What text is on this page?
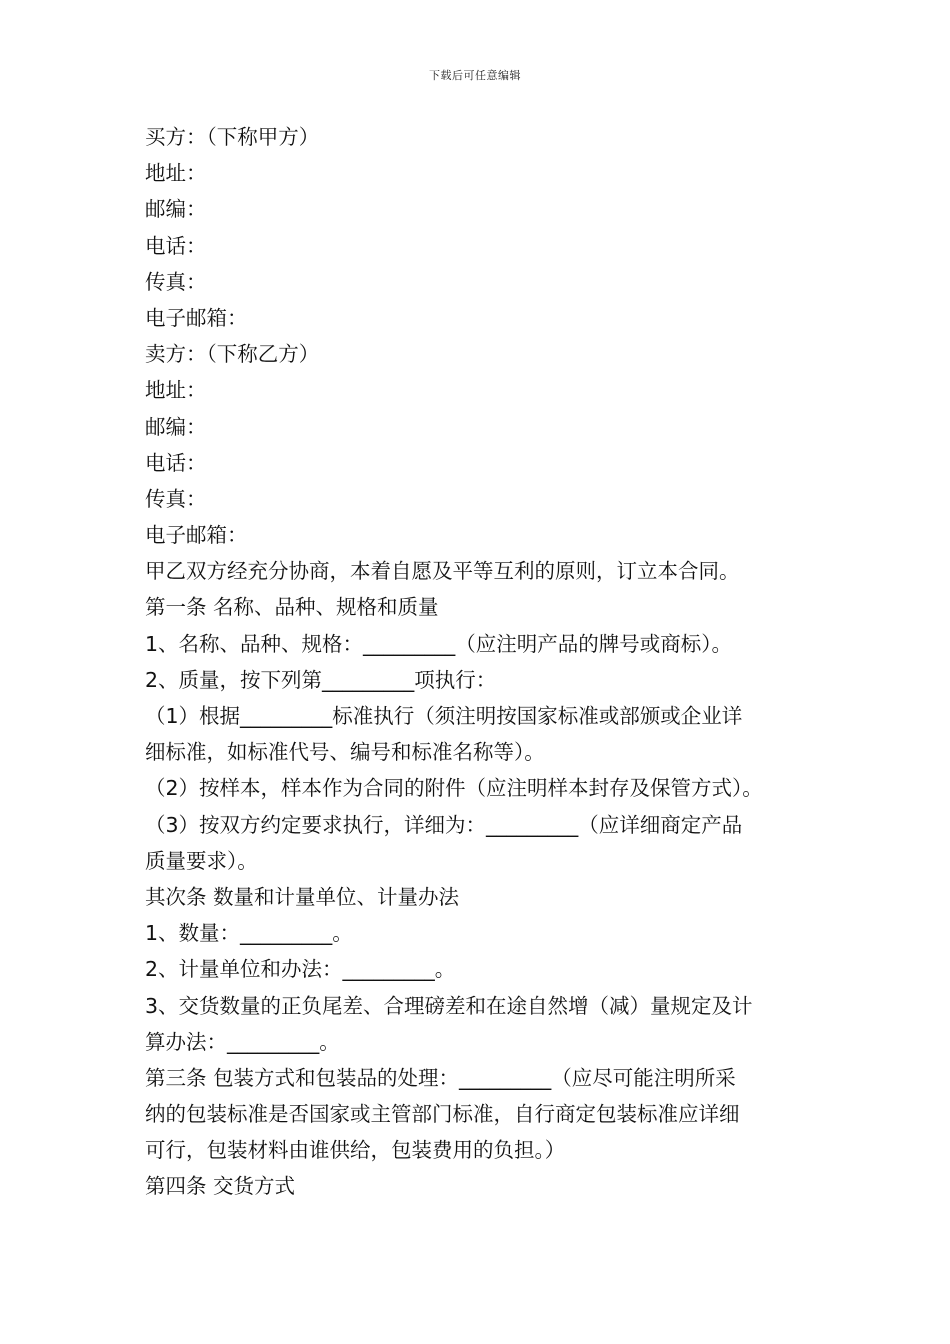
下载后可任意编辑
买方：（下称甲方）
地址：
邮编：
电话：
传真：
电子邮箱：
卖方：（下称乙方）
地址：
邮编：
电话：
传真：
电子邮箱：
甲乙双方经充分协商，本着自愿及平等互利的原则，订立本合同。
第一条 名称、品种、规格和质量
1、名称、品种、规格：_________（应注明产品的牌号或商标）。
2、质量，按下列第_________项执行：
（1）根据_________标准执行（须注明按国家标准或部颁或企业详
细标准，如标准代号、编号和标准名称等）。
（2）按样本，样本作为合同的附件（应注明样本封存及保管方式）。
（3）按双方约定要求执行，详细为：_________（应详细商定产品
质量要求）。
其次条 数量和计量单位、计量办法
1、数量：_________。
2、计量单位和办法：_________。
3、交货数量的正负尾差、合理磅差和在途自然增（减）量规定及计
算办法：_________。
第三条 包装方式和包装品的处理：_________（应尽可能注明所采
纳的包装标准是否国家或主管部门标准，自行商定包装标准应详细
可行，包装材料由谁供给，包装费用的负担。）
第四条 交货方式
